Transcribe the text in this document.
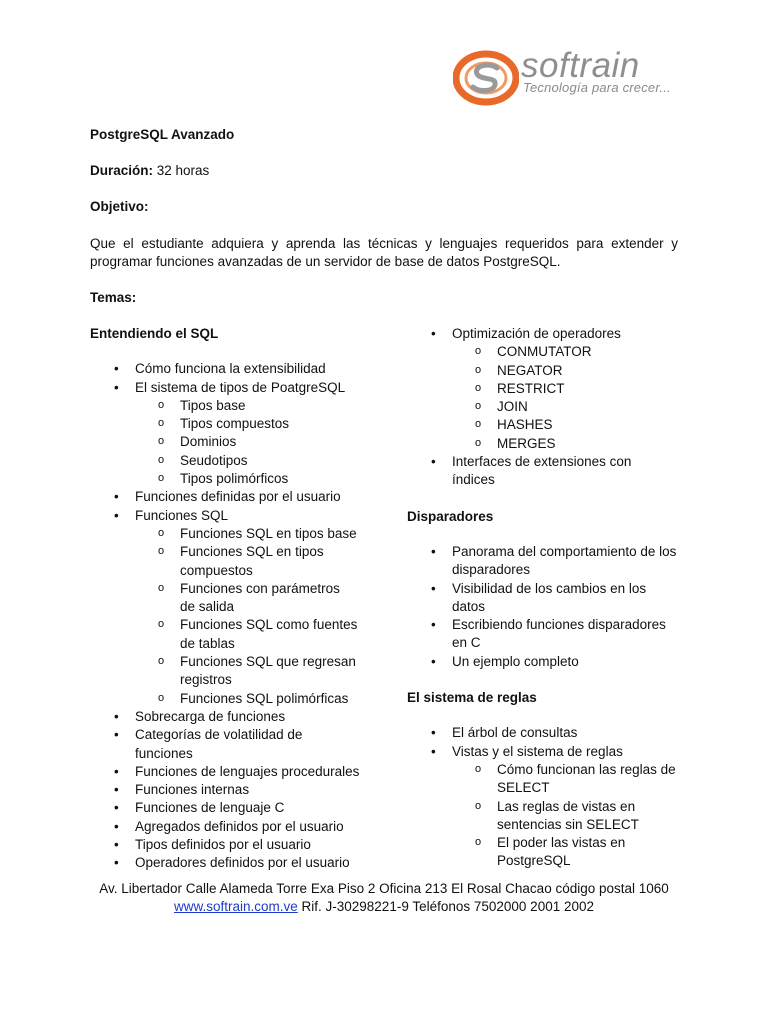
softrain
Tecnología para crecer...
PostgreSQL Avanzado
Duración: 32 horas
Objetivo:
Que el estudiante adquiera y aprenda las técnicas y lenguajes requeridos para extender y programar funciones avanzadas de un servidor de base de datos PostgreSQL.
Temas:
Entendiendo el SQL
• Cómo funciona la extensibilidad
• El sistema de tipos de PoatgreSQL
o Tipos base
o Tipos compuestos
o Dominios
o Seudotipos
o Tipos polimórficos
• Funciones definidas por el usuario
• Funciones SQL
o Funciones SQL en tipos base
o Funciones SQL en tipos compuestos
o Funciones con parámetros de salida
o Funciones SQL como fuentes de tablas
o Funciones SQL que regresan registros
o Funciones SQL polimórficas
• Sobrecarga de funciones
• Categorías de volatilidad de funciones
• Funciones de lenguajes procedurales
• Funciones internas
• Funciones de lenguaje C
• Agregados definidos por el usuario
• Tipos definidos por el usuario
• Operadores definidos por el usuario
• Optimización de operadores
o CONMUTATOR
o NEGATOR
o RESTRICT
o JOIN
o HASHES
o MERGES
• Interfaces de extensiones con índices
Disparadores
• Panorama del comportamiento de los disparadores
• Visibilidad de los cambios en los datos
• Escribiendo funciones disparadores en C
• Un ejemplo completo
El sistema de reglas
• El árbol de consultas
• Vistas y el sistema de reglas
o Cómo funcionan las reglas de SELECT
o Las reglas de vistas en sentencias sin SELECT
o El poder las vistas en PostgreSQL
Av. Libertador Calle Alameda Torre Exa Piso 2 Oficina 213 El Rosal Chacao código postal 1060
www.softrain.com.ve Rif. J-30298221-9 Teléfonos 7502000 2001 2002
